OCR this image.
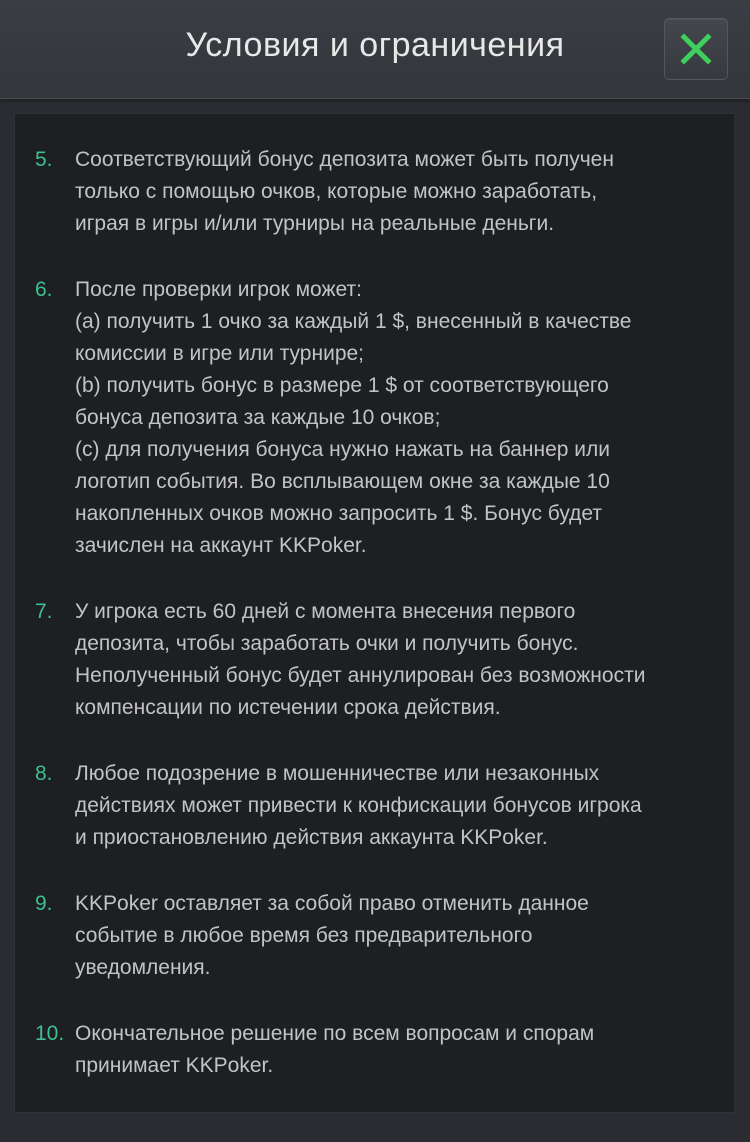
Условия и ограничения
5. Соответствующий бонус депозита может быть получен
только с помощью очков, которые можно заработать,
играя в игры и/или турниры на реальные деньги.
6. После проверки игрок может:
(a) получить 1 очко за каждый 1 $, внесенный в качестве
комиссии в игре или турнире;
(b) получить бонус в размере 1 $ от соответствующего
бонуса депозита за каждые 10 очков;
(c) для получения бонуса нужно нажать на баннер или
логотип события. Во всплывающем окне за каждые 10
накопленных очков можно запросить 1 $. Бонус будет
зачислен на аккаунт KKPoker.
7. У игрока есть 60 дней с момента внесения первого
депозита, чтобы заработать очки и получить бонус.
Неполученный бонус будет аннулирован без возможности
компенсации по истечении срока действия.
8. Любое подозрение в мошенничестве или незаконных
действиях может привести к конфискации бонусов игрока
и приостановлению действия аккаунта KKPoker.
9. KKPoker оставляет за собой право отменить данное
событие в любое время без предварительного
уведомления.
10. Окончательное решение по всем вопросам и спорам
принимает KKPoker.
